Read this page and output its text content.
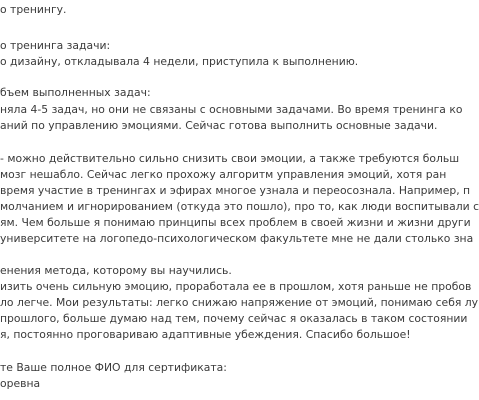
о тренингу.
о тренинга задачи:
о дизайну, откладывала 4 недели, приступила к выполнению.
бъем выполненных задач:
няла 4-5 задач, но они не связаны с основными задачами. Во время тренинга ко
аний по управлению эмоциями. Сейчас готова выполнить основные задачи.
- можно действительно сильно снизить свои эмоции, а также требуются больш
мозг нешабло. Сейчас легко прохожу алгоритм управления эмоций, хотя ран
время участие в тренингах и эфирах многое узнала и переосознала. Например, п
молчанием и игнорированием (откуда это пошло), про то, как люди воспитывали с
ям. Чем больше я понимаю принципы всех проблем в своей жизни и жизни други
университете на логопедо-психологическом факультете мне не дали столько зна
енения метода, которому вы научились.
изить очень сильную эмоцию, проработала ее в прошлом, хотя раньше не пробов
ло легче. Мои результаты: легко снижаю напряжение от эмоций, понимаю себя лу
прошлого, больше думаю над тем, почему сейчас я оказалась в таком состоянии
я, постоянно проговариваю адаптивные убеждения. Спасибо большое!
те Ваше полное ФИО для сертификата:
оревна
